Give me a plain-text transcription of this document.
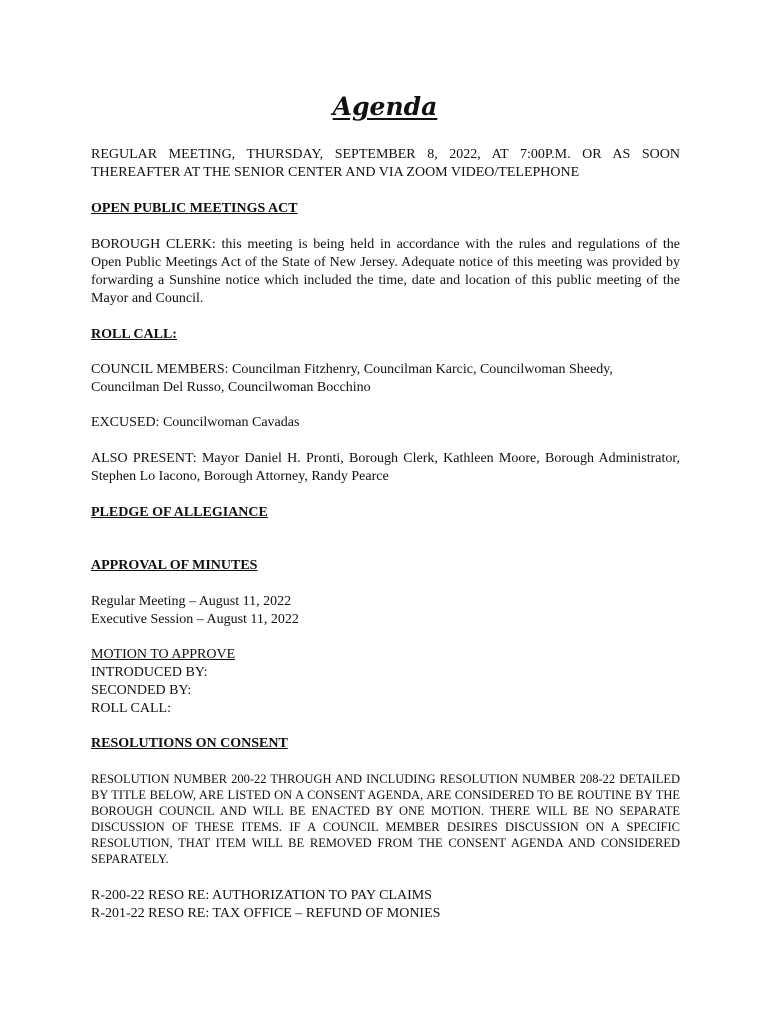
Agenda
REGULAR MEETING, THURSDAY, SEPTEMBER 8, 2022, AT 7:00P.M. OR AS SOON THEREAFTER AT THE SENIOR CENTER AND VIA ZOOM VIDEO/TELEPHONE
OPEN PUBLIC MEETINGS ACT
BOROUGH CLERK: this meeting is being held in accordance with the rules and regulations of the Open Public Meetings Act of the State of New Jersey. Adequate notice of this meeting was provided by forwarding a Sunshine notice which included the time, date and location of this public meeting of the Mayor and Council.
ROLL CALL:
COUNCIL MEMBERS: Councilman Fitzhenry, Councilman Karcic, Councilwoman Sheedy, Councilman Del Russo, Councilwoman Bocchino
EXCUSED: Councilwoman Cavadas
ALSO PRESENT: Mayor Daniel H. Pronti, Borough Clerk, Kathleen Moore, Borough Administrator, Stephen Lo Iacono, Borough Attorney, Randy Pearce
PLEDGE OF ALLEGIANCE
APPROVAL OF MINUTES
Regular Meeting – August 11, 2022
Executive Session – August 11, 2022
MOTION TO APPROVE
INTRODUCED BY:
SECONDED BY:
ROLL CALL:
RESOLUTIONS ON CONSENT
RESOLUTION NUMBER 200-22 THROUGH AND INCLUDING RESOLUTION NUMBER 208-22 DETAILED BY TITLE BELOW, ARE LISTED ON A CONSENT AGENDA, ARE CONSIDERED TO BE ROUTINE BY THE BOROUGH COUNCIL AND WILL BE ENACTED BY ONE MOTION. THERE WILL BE NO SEPARATE DISCUSSION OF THESE ITEMS. IF A COUNCIL MEMBER DESIRES DISCUSSION ON A SPECIFIC RESOLUTION, THAT ITEM WILL BE REMOVED FROM THE CONSENT AGENDA AND CONSIDERED SEPARATELY.
R-200-22 RESO RE: AUTHORIZATION TO PAY CLAIMS
R-201-22 RESO RE: TAX OFFICE – REFUND OF MONIES
